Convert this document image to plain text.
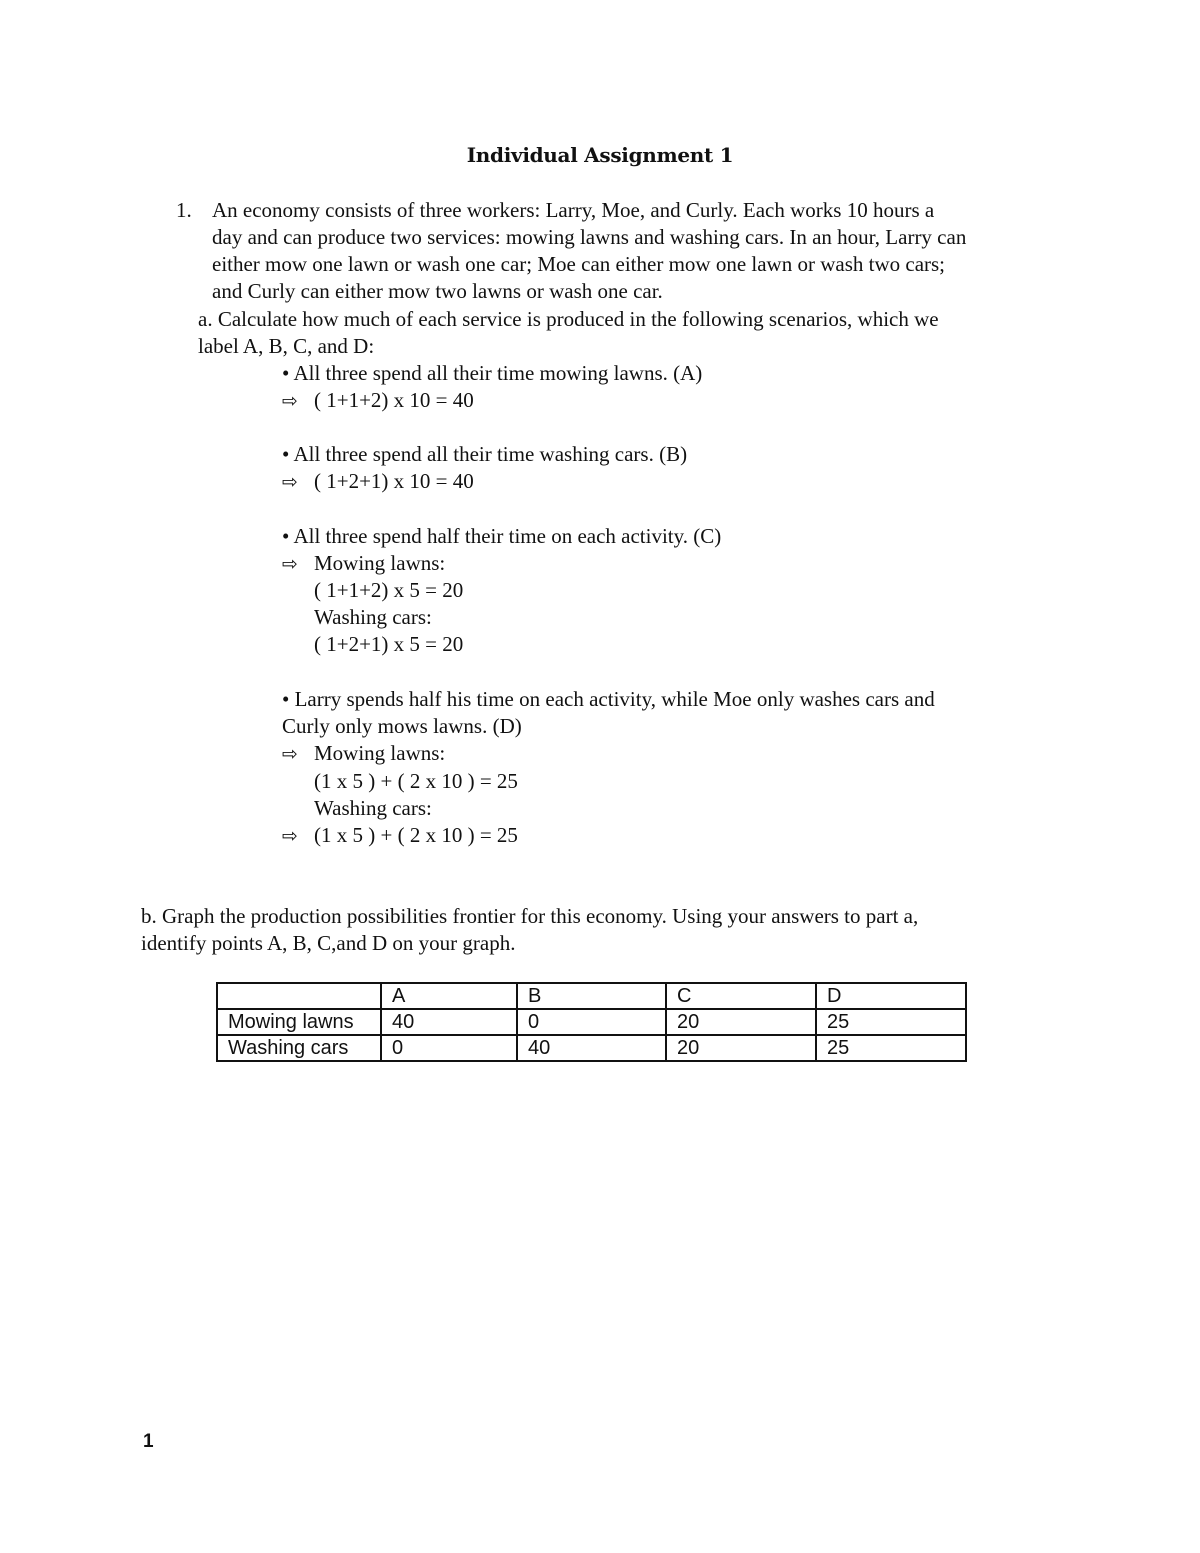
Individual Assignment 1
1. An economy consists of three workers: Larry, Moe, and Curly. Each works 10 hours a
day and can produce two services: mowing lawns and washing cars. In an hour, Larry can
either mow one lawn or wash one car; Moe can either mow one lawn or wash two cars;
and Curly can either mow two lawns or wash one car.
a. Calculate how much of each service is produced in the following scenarios, which we
label A, B, C, and D:
• All three spend all their time mowing lawns. (A)
⇨ ( 1+1+2) x 10 = 40
• All three spend all their time washing cars. (B)
⇨ ( 1+2+1) x 10 = 40
• All three spend half their time on each activity. (C)
⇨ Mowing lawns:
( 1+1+2) x 5 = 20
Washing cars:
( 1+2+1) x 5 = 20
• Larry spends half his time on each activity, while Moe only washes cars and
Curly only mows lawns. (D)
⇨ Mowing lawns:
(1 x 5 ) + ( 2 x 10 ) = 25
Washing cars:
⇨ (1 x 5 ) + ( 2 x 10 ) = 25
b. Graph the production possibilities frontier for this economy. Using your answers to part a,
identify points A, B, C,and D on your graph.
	A	B	C	D
Mowing lawns	40	0	20	25
Washing cars	0	40	20	25
1
